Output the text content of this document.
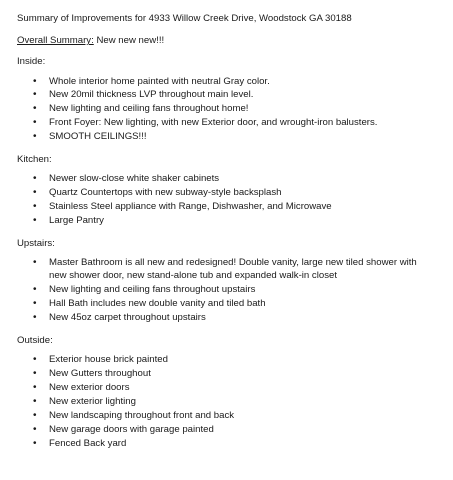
Summary of Improvements for 4933 Willow Creek Drive, Woodstock GA 30188
Overall Summary: New new new!!!
Inside:
• Whole interior home painted with neutral Gray color.
• New 20mil thickness LVP throughout main level.
• New lighting and ceiling fans throughout home!
• Front Foyer: New lighting, with new Exterior door, and wrought-iron balusters.
• SMOOTH CEILINGS!!!
Kitchen:
• Newer slow-close white shaker cabinets
• Quartz Countertops with new subway-style backsplash
• Stainless Steel appliance with Range, Dishwasher, and Microwave
• Large Pantry
Upstairs:
• Master Bathroom is all new and redesigned! Double vanity, large new tiled shower with new shower door, new stand-alone tub and expanded walk-in closet
• New lighting and ceiling fans throughout upstairs
• Hall Bath includes new double vanity and tiled bath
• New 45oz carpet throughout upstairs
Outside:
• Exterior house brick painted
• New Gutters throughout
• New exterior doors
• New exterior lighting
• New landscaping throughout front and back
• New garage doors with garage painted
• Fenced Back yard
